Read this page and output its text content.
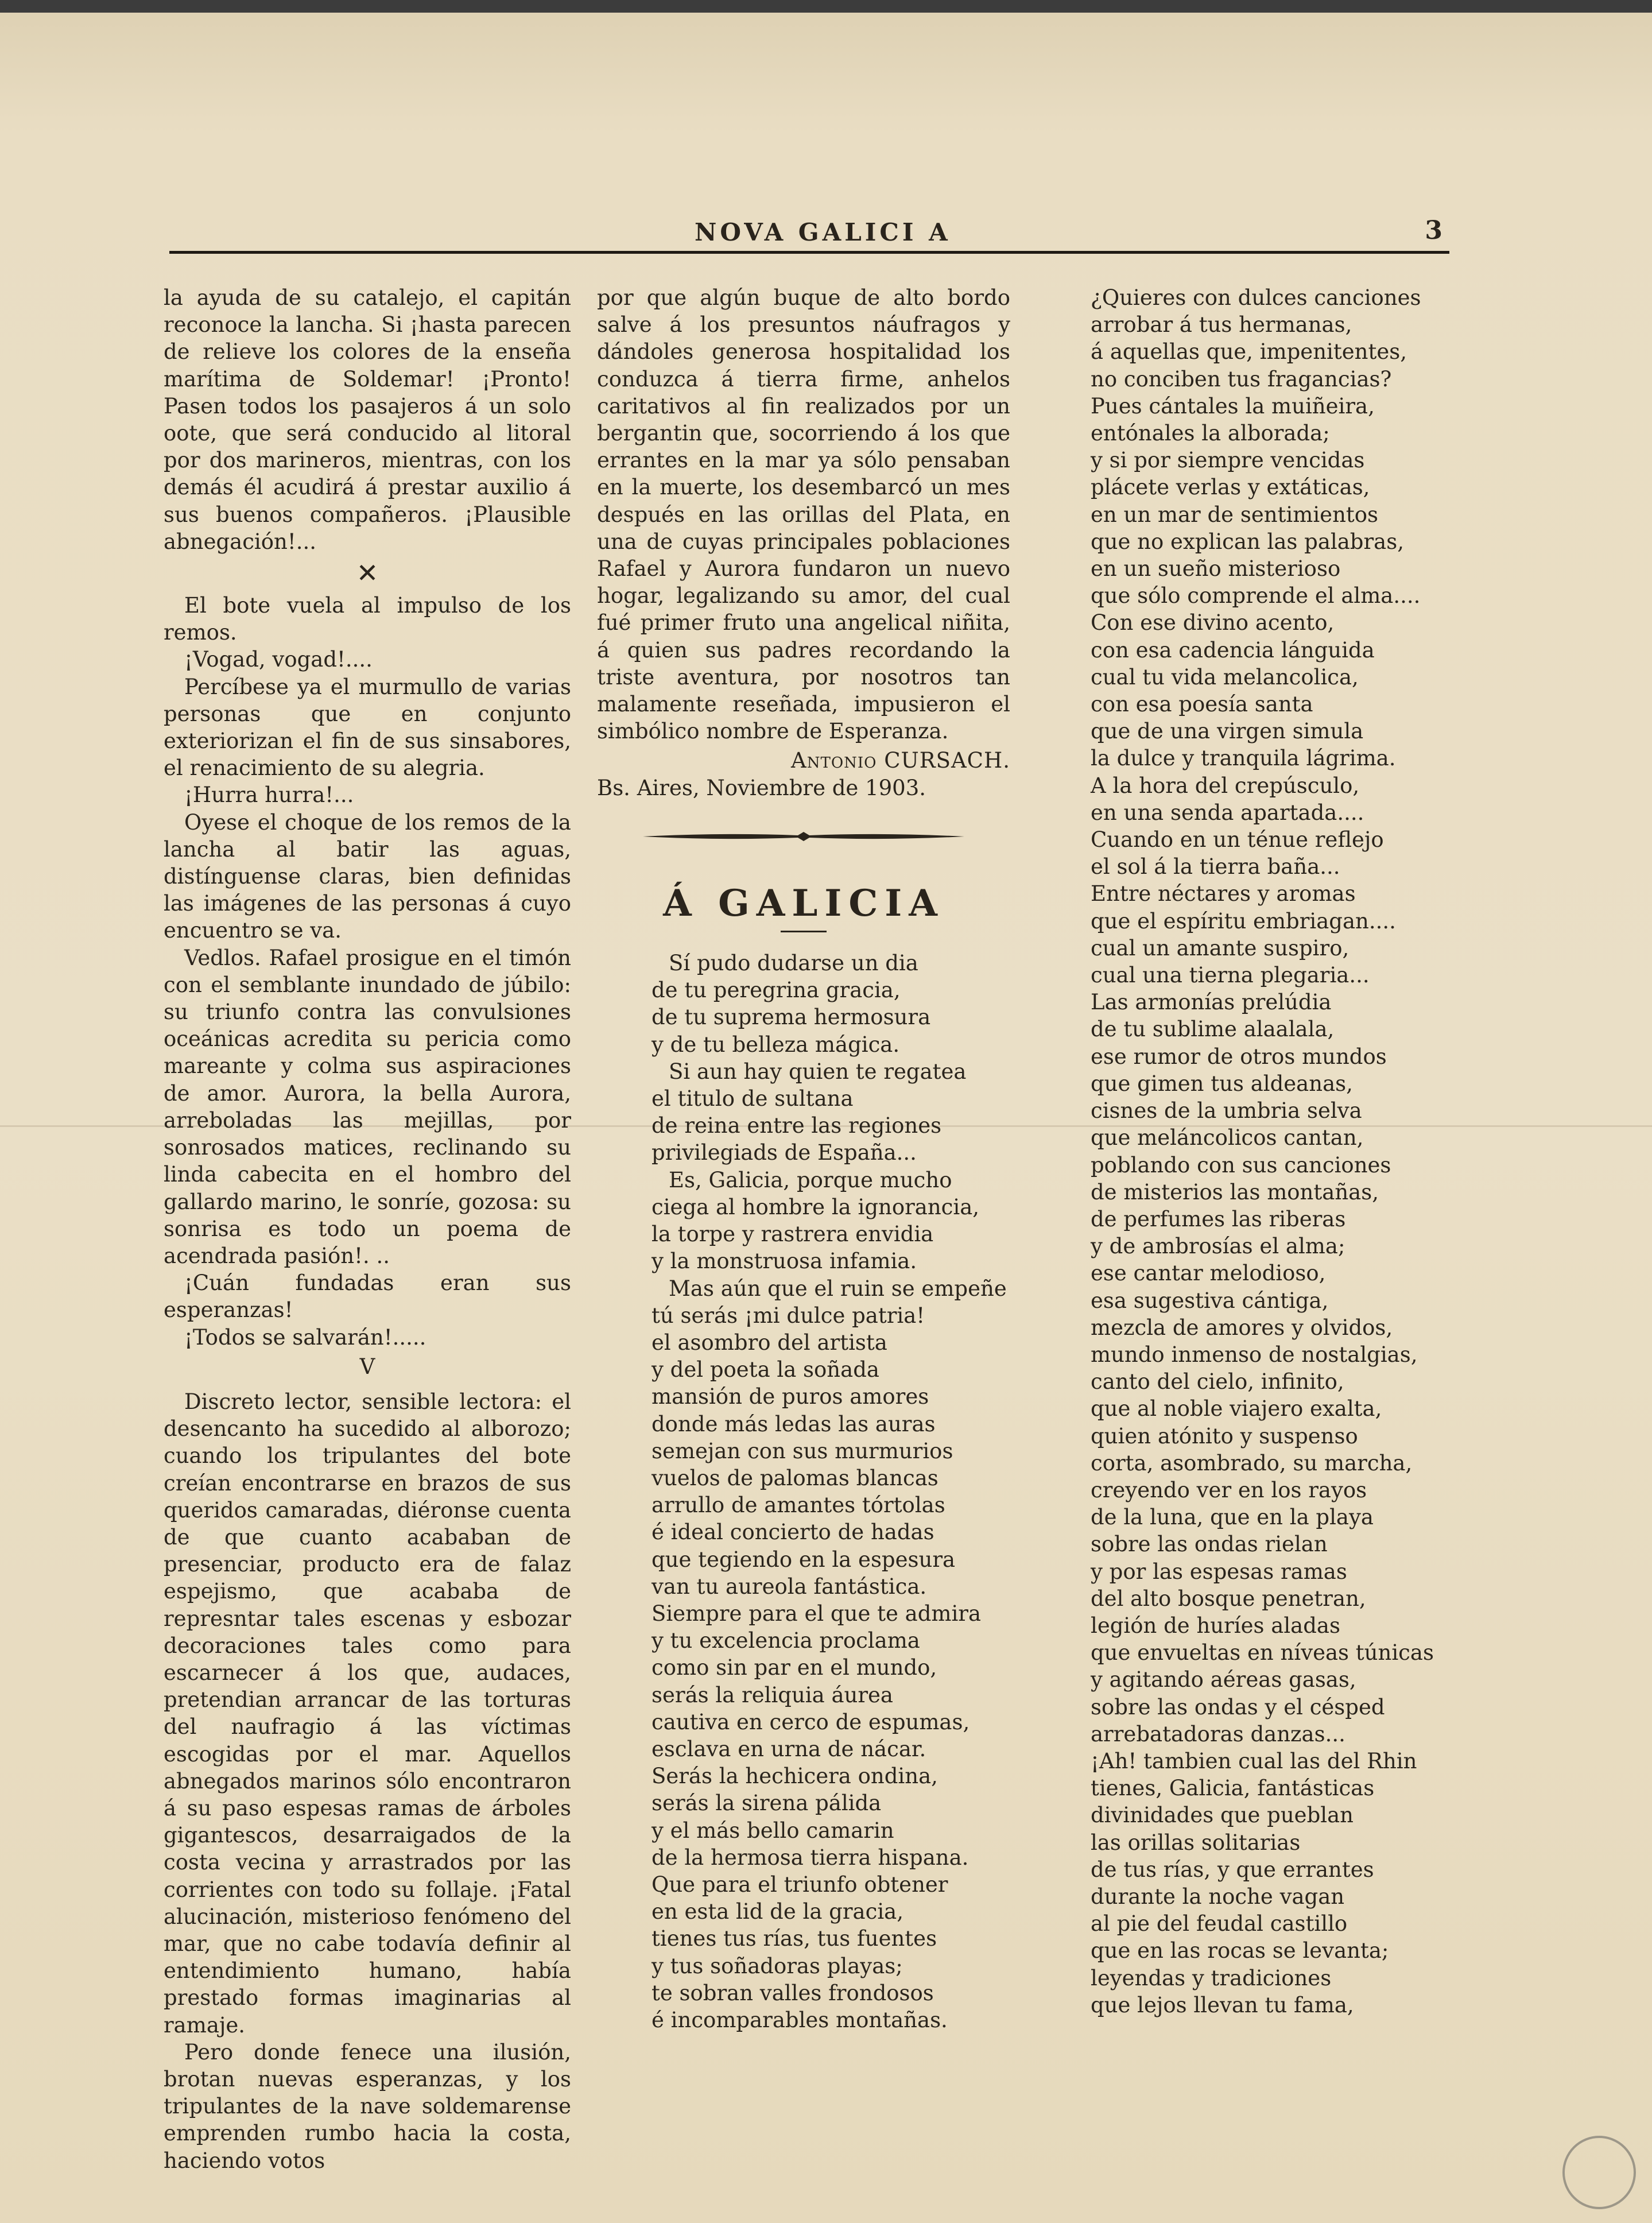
NOVA GALICI A	3

la ayuda de su catalejo, el capitán reconoce la lancha. Si ¡hasta parecen de relieve los colores de la enseña marítima de Soldemar! ¡Pronto! Pasen todos los pasajeros á un solo oote, que será conducido al litoral por dos marineros, mientras, con los demás él acudirá á prestar auxilio á sus buenos compañeros. ¡Plausible abnegación!...

✕

El bote vuela al impulso de los remos.

¡Vogad, vogad!....

Percíbese ya el murmullo de varias personas que en conjunto exteriorizan el fin de sus sinsabores, el renacimiento de su alegria.

¡Hurra hurra!...

Oyese el choque de los remos de la lancha al batir las aguas, distínguense claras, bien definidas las imágenes de las personas á cuyo encuentro se va.

Vedlos. Rafael prosigue en el timón con el semblante inundado de júbilo: su triunfo contra las convulsiones oceánicas acredita su pericia como mareante y colma sus aspiraciones de amor. Aurora, la bella Aurora, arreboladas las mejillas, por sonrosados matices, reclinando su linda cabecita en el hombro del gallardo marino, le sonríe, gozosa: su sonrisa es todo un poema de acendrada pasión!. ..

¡Cuán fundadas eran sus esperanzas!

¡Todos se salvarán!.....

V

Discreto lector, sensible lectora: el desencanto ha sucedido al alborozo; cuando los tripulantes del bote creían encontrarse en brazos de sus queridos camaradas, diéronse cuenta de que cuanto acababan de presenciar, producto era de falaz espejismo, que acababa de represntar tales escenas y esbozar decoraciones tales como para escarnecer á los que, audaces, pretendian arrancar de las torturas del naufragio á las víctimas escogidas por el mar. Aquellos abnegados marinos sólo encontraron á su paso espesas ramas de árboles gigantescos, desarraigados de la costa vecina y arrastrados por las corrientes con todo su follaje. ¡Fatal alucinación, misterioso fenómeno del mar, que no cabe todavía definir al entendimiento humano, había prestado formas imaginarias al ramaje.

Pero donde fenece una ilusión, brotan nuevas esperanzas, y los tripulantes de la nave soldemarense emprenden rumbo hacia la costa, haciendo votos

por que algún buque de alto bordo salve á los presuntos náufragos y dándoles generosa hospitalidad los conduzca á tierra firme, anhelos caritativos al fin realizados por un bergantin que, socorriendo á los que errantes en la mar ya sólo pensaban en la muerte, los desembarcó un mes después en las orillas del Plata, en una de cuyas principales poblaciones Rafael y Aurora fundaron un nuevo hogar, legalizando su amor, del cual fué primer fruto una angelical niñita, á quien sus padres recordando la triste aventura, por nosotros tan malamente reseñada, impusieron el simbólico nombre de Esperanza.

Antonio CURSACH.
Bs. Aires, Noviembre de 1903.
Á GALICIA
Sí pudo dudarse un dia
de tu peregrina gracia,
de tu suprema hermosura
y de tu belleza mágica.
Si aun hay quien te regatea
el titulo de sultana
de reina entre las regiones
privilegiads de España...
Es, Galicia, porque mucho
ciega al hombre la ignorancia,
la torpe y rastrera envidia
y la monstruosa infamia.
Mas aún que el ruin se empeñe
tú serás ¡mi dulce patria!
el asombro del artista
y del poeta la soñada
mansión de puros amores
donde más ledas las auras
semejan con sus murmurios
vuelos de palomas blancas
arrullo de amantes tórtolas
é ideal concierto de hadas
que tegiendo en la espesura
van tu aureola fantástica.
Siempre para el que te admira
y tu excelencia proclama
como sin par en el mundo,
serás la reliquia áurea
cautiva en cerco de espumas,
esclava en urna de nácar.
Serás la hechicera ondina,
serás la sirena pálida
y el más bello camarin
de la hermosa tierra hispana.
Que para el triunfo obtener
en esta lid de la gracia,
tienes tus rías, tus fuentes
y tus soñadoras playas;
te sobran valles frondosos
é incomparables montañas.
¿Quieres con dulces canciones
arrobar á tus hermanas,
á aquellas que, impenitentes,
no conciben tus fragancias?
Pues cántales la muiñeira,
entónales la alborada;
y si por siempre vencidas
plácete verlas y extáticas,
en un mar de sentimientos
que no explican las palabras,
en un sueño misterioso
que sólo comprende el alma....
Con ese divino acento,
con esa cadencia lánguida
cual tu vida melancolica,
con esa poesía santa
que de una virgen simula
la dulce y tranquila lágrima.
A la hora del crepúsculo,
en una senda apartada....
Cuando en un ténue reflejo
el sol á la tierra baña...
Entre néctares y aromas
que el espíritu embriagan....
cual un amante suspiro,
cual una tierna plegaria...
Las armonías prelúdia
de tu sublime alaalala,
ese rumor de otros mundos
que gimen tus aldeanas,
cisnes de la umbria selva
que meláncolicos cantan,
poblando con sus canciones
de misterios las montañas,
de perfumes las riberas
y de ambrosías el alma;
ese cantar melodioso,
esa sugestiva cántiga,
mezcla de amores y olvidos,
mundo inmenso de nostalgias,
canto del cielo, infinito,
que al noble viajero exalta,
quien atónito y suspenso
corta, asombrado, su marcha,
creyendo ver en los rayos
de la luna, que en la playa
sobre las ondas rielan
y por las espesas ramas
del alto bosque penetran,
legión de huríes aladas
que envueltas en níveas túnicas
y agitando aéreas gasas,
sobre las ondas y el césped
arrebatadoras danzas...
¡Ah! tambien cual las del Rhin
tienes, Galicia, fantásticas
divinidades que pueblan
las orillas solitarias
de tus rías, y que errantes
durante la noche vagan
al pie del feudal castillo
que en las rocas se levanta;
leyendas y tradiciones
que lejos llevan tu fama,
